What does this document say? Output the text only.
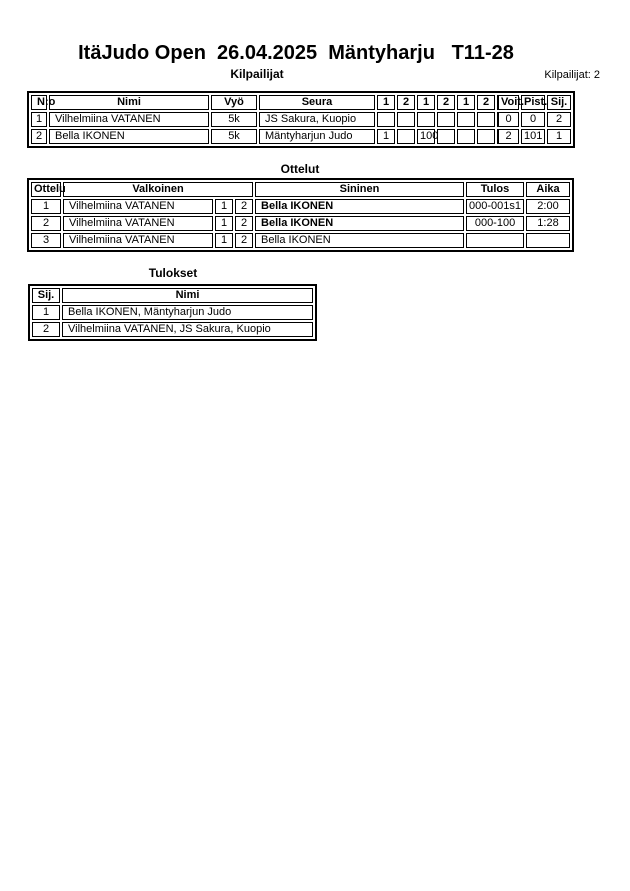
ItäJudo Open  26.04.2025  Mäntyharju   T11-28
Kilpailijat	Kilpailijat: 2
N:o	Nimi	Vyö	Seura	1	2	1	2	1	2	Voit.	Pist.	Sij.
1	Vilhelmiina VATANEN	5k	JS Sakura, Kuopio							0	0	2
2	Bella IKONEN	5k	Mäntyharjun Judo	1		100				2	101	1
Ottelut
Ottelu	Valkoinen			Sininen	Tulos	Aika
1	Vilhelmiina VATANEN	1	2	Bella IKONEN	000-001s1	2:00
2	Vilhelmiina VATANEN	1	2	Bella IKONEN	000-100	1:28
3	Vilhelmiina VATANEN	1	2	Bella IKONEN		
Tulokset
Sij.	Nimi
1	Bella IKONEN, Mäntyharjun Judo
2	Vilhelmiina VATANEN, JS Sakura, Kuopio
